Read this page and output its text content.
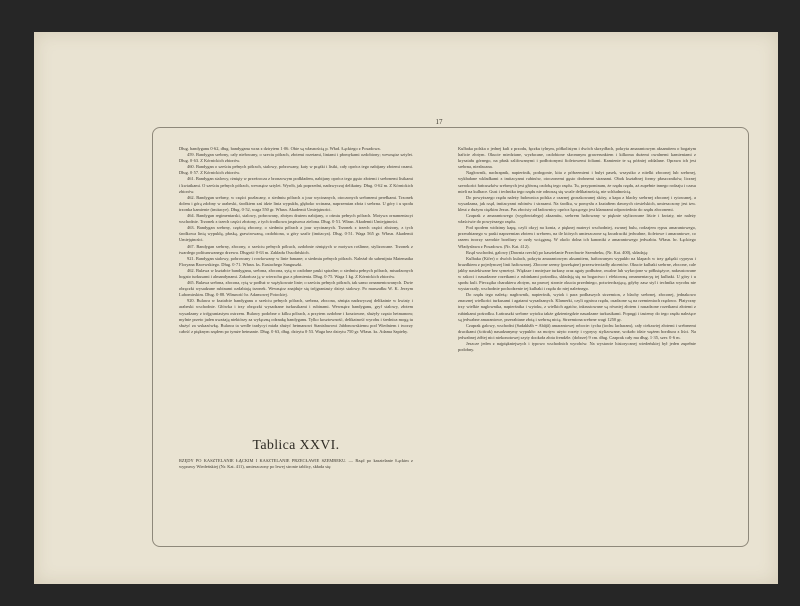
17

Dług. bandyganu 0·62, dług. bandyganu wraz z dzirytem 1·06. Obie są własnością p. Wład. Łąckiego z Posadowa.

459. Bandygan srebrny, cały niełowany, o szeciu pólrach, złotemi rozetami, liniami i płomykami ozdobiony; wewnątrz sztylet. Dług. 0·63. Z Kórnickich zbiorów.

460. Bandygan o sześciu pełnych pólrach, stalowy, pobrowany, katy w prążki i listki, cały oprócz tego nabijany złotemi cnami. Dług. 0·57. Z Kórnickich zbiorów.

461. Bandygan stalowy, rżnięty w przeźrocza z bronzowym podkładem, nabijany oprócz tego gęsto złotemi i srebrnemi listkami i kwiatkami. O sześciu pełnych pólrach, wewnątrz sztylet. Wyrób, jak poprzedni, nadzwyczaj delikatny. Dług. 0·62 m. Z Kórnickich zbiorów.

462. Bandygan srebrny, w części pozłacany, o siedmiu pólrach a jour wycinanych, otoczonych srebrnemi perełkami. Trzonek dolem i górą zdobny w arabeski, środkiem zaś idzie linia wypukła, głęboko wcinana, naprzemian złota i srebrna. U góry i u spodu trzonka kamienie (imitacye). Dług. 0·52, waga 550 gr. Własn. Akademii Umiejętności.

464. Bandygan regimentarski, stalowy, pobrowany, złotym drutem nabijany, o ośmiu pełnych pólrach. Motywa ornamentacyi wschodnie. Trzonek z trzech części złożony, z tych środkowa jaspisowa zielona. Dług. 0·51. Własn. Akademii Umiejętności.

463. Bandygan srebrny, częścią złocony, o siedmiu pólrach a jour wycinanych. Trzonek z trzech części złożony, z tych środkowa linią wypukłą, płaską, grawirowaną, ozdobiona, u góry szafir (imitacya). Dług. 0·51. Waga 565 gr. Własn. Akademii Umiejętności.

467. Bandygan srebrny, złocony, o sześciu pełnych pólrach, ozdobnie rżniętych w motywa roślinne, stylizowane. Trzonek z twardego polituruwanego drzewa. Długość 0·63 m. Zakładu Ossolińskich.

921. Bandygan stalowy, pobrowany i rowkowany w linie łamane; o siedmiu pełnych pólrach. Należał do sabenijnia Matematka Floryana Racewskiego. Dług. 0·71. Własn. ks. Eustachego Sanguszki.

462. Bulawa w kształcie bandyganu, srebrna, złocona, sytą w ozdobne paski spiralne; o siedmiu pełnych pólrach, misudzonych bogato turkusami i almandynami. Zakończa ją w wierzchu guz z płomienia. Dług. 0·75. Waga 1 kg. Z Kórnickich zbiorów.

465. Bulawa srebrna, złocona, rytą w podłuż w wężykowate linie; o sześciu pełnych pólrach, tak samo ornamentowanych. Dwie obręczki wysadzane rubinami ozdabiają trzonek. Wewnątrz znajduje się trójgraniasty dziryt stalowy. Po marszałku W. K. Jerzym Lubomirskim. Dług. 0·88. Własność hr. Adamowej Potockiej.

920. Bulawa w kształcie bandyganu o sześciu pełnych pólrach, srebrna, złocona, rżnięta nadzwyczaj delikatnie w kwiaty i arabeski wschodnie. Główka i trzy obręczki wysadzane turkusikami i rubinami. Wewnątrz bandyganu, gryf stalowy, złotem wysadzany z trójgraniastym ostrzem. Bulawy podobne o kilku pólrach, a przytem ozdobne i kosztowne, służyły często hetmanom; mylnie przeto jaden uważają niektórzy za wyłączną odznakę bandyganu. Tylko kosztowność, delikatność wyrobu i średnica mogą tu służyć za wskazówkę. Bulawa ta wedle tradycyi miała służyć hetmanowi Stanisławowi Jabłonowskiemu pod Wiedniem i tworzy całość z pięknym rzędem po tymże hetmanie. Dług. 0·63, dług. dzirytu 0·53. Waga bez dzirytu 750 gr. Własn. ks. Adama Sapiehy.

Tablica XXVI.

RZĘDY PO KASZTELANIE ŁĄCKIM I KASZTELANIE PRZECŁAWIE SZEMBEKU. — Rząd po kasztelanie Łąckim z wyprawy Wiedeńskiej (Nr. Kat. 411), umieszczony po lewej stronie tablicy, składa się:

Kulbaka polska o jednej kuli z przodu, łęczku tylnym, półkolistym i dwóch skrzydłach, pokryta amarantowym aksamitem o bogatym haftcie złotym. Okucie miedziane, wyzłacane, ozdobione skromnym grawerunkiem i kilkoma dużemi owalnemi kamieniami z kryształu górnego, na płask szlifowanymi i podłożonymi fioletowemi foliami. Kamienie te są później oddalane. Oprawa ich jest srebrna, niezłacana.

Nagłownik, nachrapnik, napierśnik, podogonie, kita z półrzemieni i bułyt pasek, wszystko z nitelki złoconej lub srebrnej, wykładane wkładkami z imitacyami rubinów, otoczonemi gęsto drobnemi stranami. Obok kształtnej formy płaszczników, licznej szerokości łańcuszków srebrnych jest główną ozdobą tego rzędu. Tu, przypominam, że rzędu rzędu, aż zupełnie innego rodzaju i czasu mieli na kulbace. Gust i technika tego rzędu nie odnoszą się wcale delikatnością, nie schludnością.

Do powyższego rzędu należy ładownica polska z czarnej groszkowanej skóry, a kapa z blachy srebrnej złoconej i rytowanej, a wysadzana, jak rząd, imitacyami rubinów i strasami. Na środku, w pomysłu z kształtem dawnych ciesielskich, umieszczony jest tzw. kleut z dużym ciężkim Jezus. Pas złocisty od ładownicy oprócz łączącego jest klamrami odpowiednio do rzędu złoconemi.

Czaprak z amarantowego (wypłowiałego) aksamitu, srebrem haftowany w pięknie stylizowane liście i kwiaty, nie należy właściwie do powyższego rzędu.

Pod spodem widzimy kapę, czyli okryj na konia, z pięknej materyi wschodniej, zwanej bulu, rodzajem rypsu amarantowego, przerabianego w paski naprzemian złotem i srebrem, na tle których umieszczone są kwadraciki jedwabne, fioletowe i amarantowe, co razem tworzy szerokie bordiury w ozdy wciąganą. W okolo dolna ich kanoniki z amarantowego jedwabiu. Własn. hr. Łąckiego Władysława z Posadowa. (Nr. Kat. 412).

Rząd wschodni, galowy (Dawnia rzechi) po kasztelanie Przecławie Szembeku, (Nr. Kat. 400), składają:

Kulbaka (Kifer) o dwóch kulach, pokryta amarantowym aksamitem, haftowanym wypukło na klapach w trzy gałązki cyprysu i bruzdkiem z pojedynczej linii haftowanej. Złocone rzemy (przekątne) przezwierciadły akcentów. Okucie kulbaki srebrne, złocone, cale jakby nasiekiwane bez symetryi. Większe i mniejsze turkusy oraz agaty podłużne, owalne lub wykrojone w półksiężyce, nakrustowane w szkoci i nasadzone rozetkami z rubinkami pośrodku, składają się na bogactwo i efektowną ornamentacyę tej kulbaki. U góry i u spodu kuli. Pieczątka charakteru złotym, na prawej stronie okucia przedniego, potwierdzającą, gdyby zasz styl i technika wyrobu nie wystarczały, wschodnie pochodzenie tej kulbaki i rzędu do niej należnego.

Do rzędu tego należą: nagłownik, napierśnik, wytok i para podhaszych strzemion, z blachy srebrnej, złoconej, jednakowo znacznej wielkości turkusami i agatami wysadzanych. Klamerki, czyli ogniwa rzędu, osadzone są na rzemieniach rzędowo. Płatyczny trzy wielkie naglownika, napierśnika i wytoku, z wielkich agatów, inkrustowane są równiej złotem i nasadzone rozetkami złotemi z rubinkami pośrodku. Łańcuszki srebrne wytoku także gdzieniegdzie nasadzane turkusikami. Popręgi i tasiemy do tego rzędu należące są jedwabne amarantowe, przerabiane złotą i srebrną nicią. Strzemiona srebrne wagi 1250 gr.

Czaprak galowy, wschodni (Sadakhâh = Abâjâ) amarantowej robocie: tycha (tochu lacharam), cały ciekawiej złotemi i srebrnemi drucikami (ściśrak) nasadzanymy wypukło: za motyw użyto rozety i cyprysy stylizowane, wokoło idzie wężem bordiura z liści. Na jedwabnej żółtej nici niekonotowej szyty dookoła złota frendżle. (dobrze) 9 cm. dług. Czaprak cały ma dług. 1·35, szer. 0·6 m.

Jeszcze jeden z najpiękniejszych i typowo wschodnich wyrobów. Na wystawie historycznej wiedeńskiej był jeden zupełnie podobny.
